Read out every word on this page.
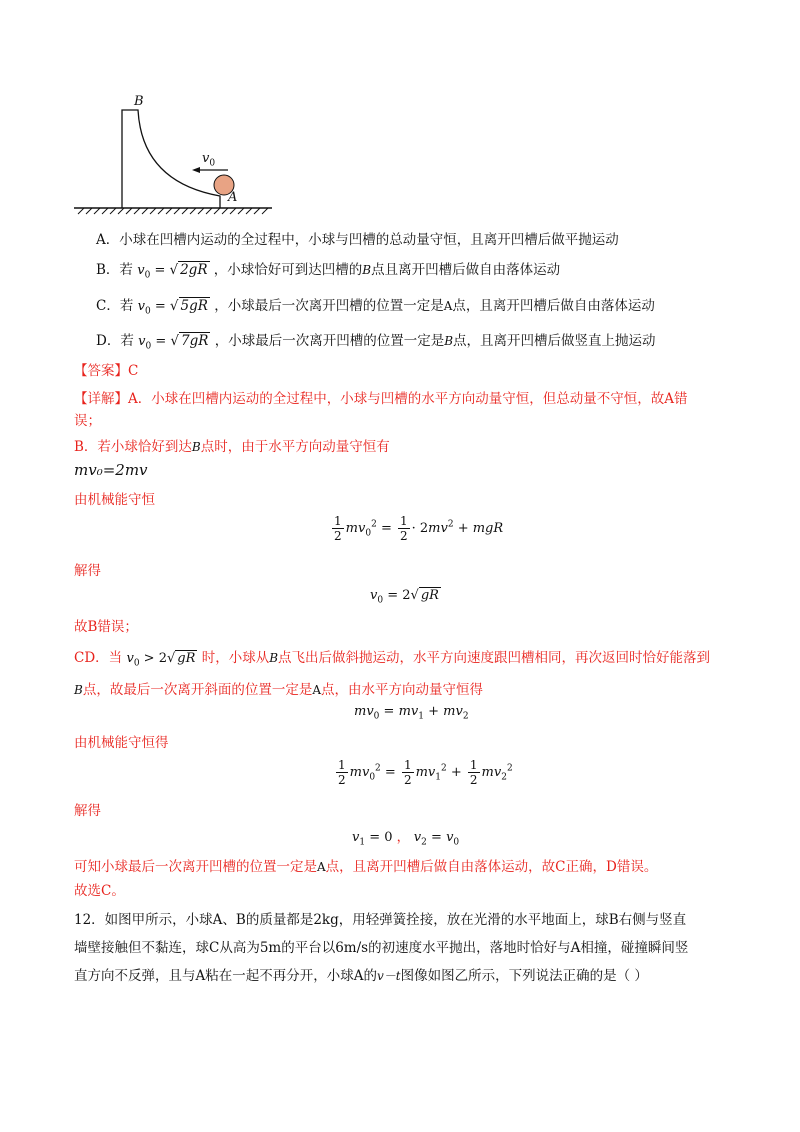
B
A
$v_0$
A．小球在凹槽内运动的全过程中，小球与凹槽的总动量守恒，且离开凹槽后做平抛运动
B．若 $v_0$ = √ 2gR ，小球恰好可到达凹槽的B点且离开凹槽后做自由落体运动
C．若 $v_0$ = √ 5gR ，小球最后一次离开凹槽的位置一定是A点，且离开凹槽后做自由落体运动
D．若 $v_0$ = √ 7gR ，小球最后一次离开凹槽的位置一定是B点，且离开凹槽后做竖直上抛运动
【答案】C
【详解】A．小球在凹槽内运动的全过程中，小球与凹槽的水平方向动量守恒，但总动量不守恒，故A错
误；
B．若小球恰好到达B点时，由于水平方向动量守恒有
mv₀=2mv
由机械能守恒
$\frac{1}{2} mv_0^2 = \frac{1}{2} \cdot 2mv^2$ + mgR
解得
$v_0 = 2√$ gR
故B错误；
CD．当 $v_0 > 2√$ gR 时，小球从B点飞出后做斜抛运动，水平方向速度跟凹槽相同，再次返回时恰好能落到
B点，故最后一次离开斜面的位置一定是A点，由水平方向动量守恒得
$mv_0 = mv_1 + mv_2$
由机械能守恒得
$\frac{1}{2} mv_0^2 = \frac{1}{2} mv_1^2 + \frac{1}{2} mv_2^2$
解得
$v_1 = 0$ ， $v_2 = v_0$
可知小球最后一次离开凹槽的位置一定是A点，且离开凹槽后做自由落体运动，故C正确，D错误。
故选C。
12．如图甲所示，小球A、B的质量都是2kg，用轻弹簧拴接，放在光滑的水平地面上，球B右侧与竖直
墙壁接触但不黏连，球C从高为5m的平台以6m/s的初速度水平抛出，落地时恰好与A相撞，碰撞瞬间竖
直方向不反弹，且与A粘在一起不再分开，小球A的v－t图像如图乙所示，下列说法正确的是（ ）
